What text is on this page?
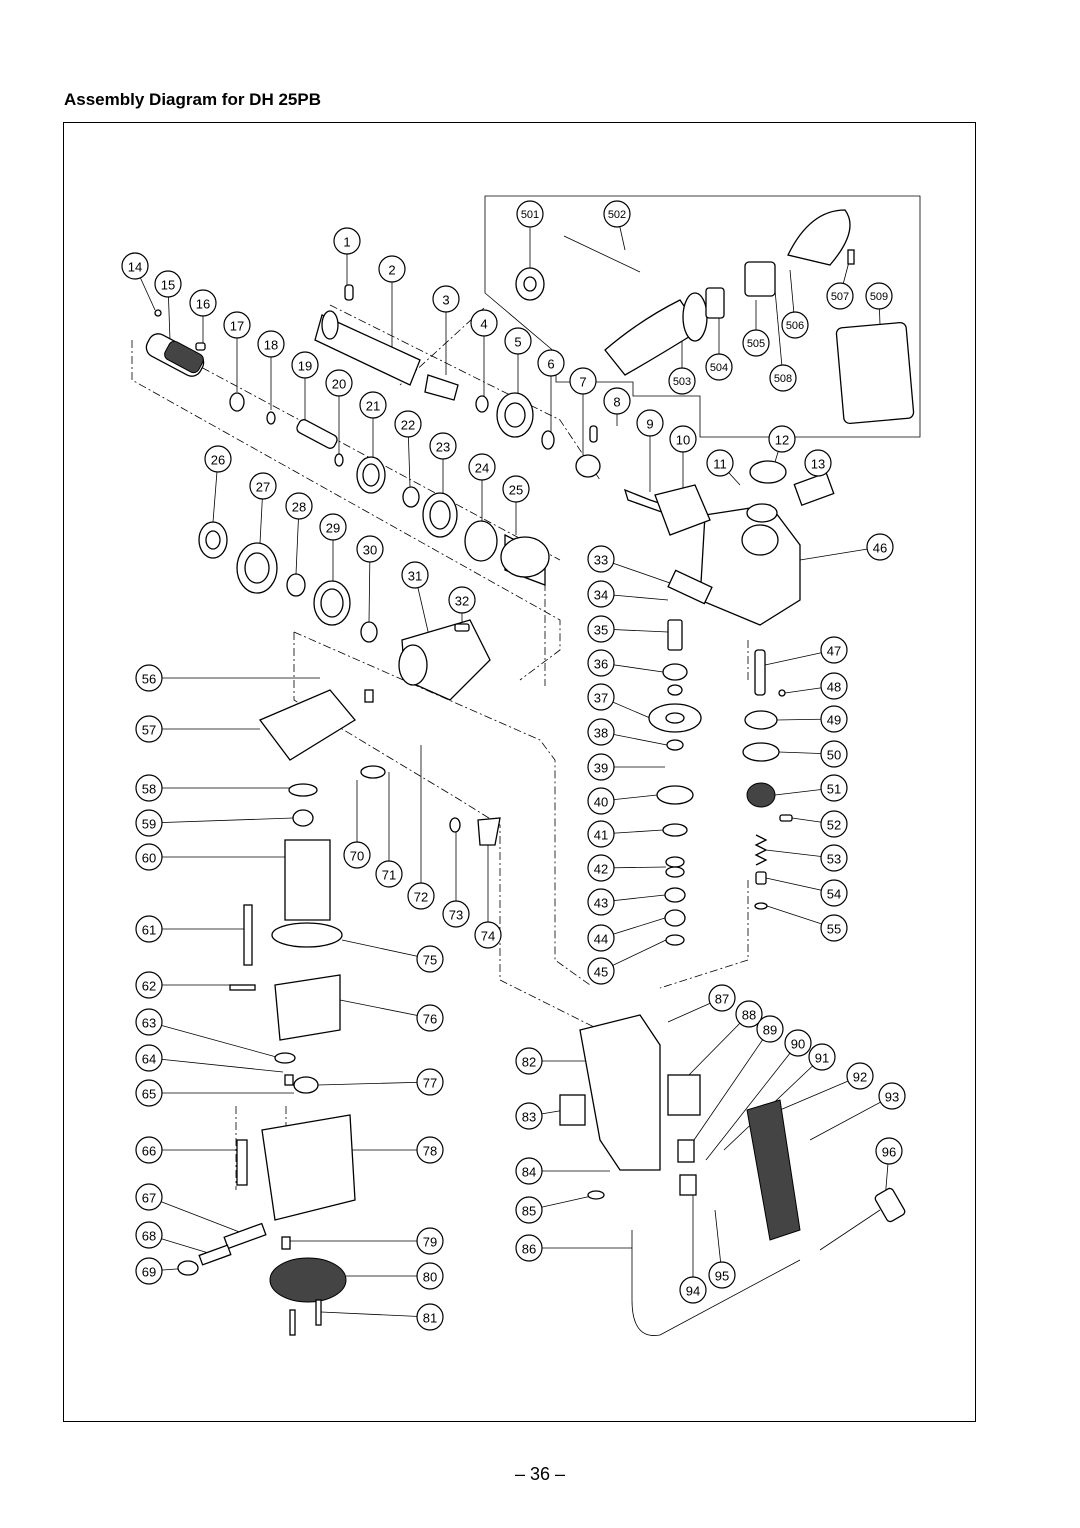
Assembly Diagram for DH 25PB
1
2
3
4
5
6
7
8
9
10
11
12
13
14
15
16
17
18
19
20
21
22
23
24
25
26
27
28
29
30
31
32
33
34
35
36
37
38
39
40
41
42
43
44
45
46
47
48
49
50
51
52
53
54
55
56
57
58
59
60
61
62
63
64
65
66
67
68
69
70
71
72
73
74
75
76
77
78
79
80
81
82
83
84
85
86
87
88
89
90
91
92
93
94
95
96
501	502
503
504
505
506
507
508
509
– 36 –
